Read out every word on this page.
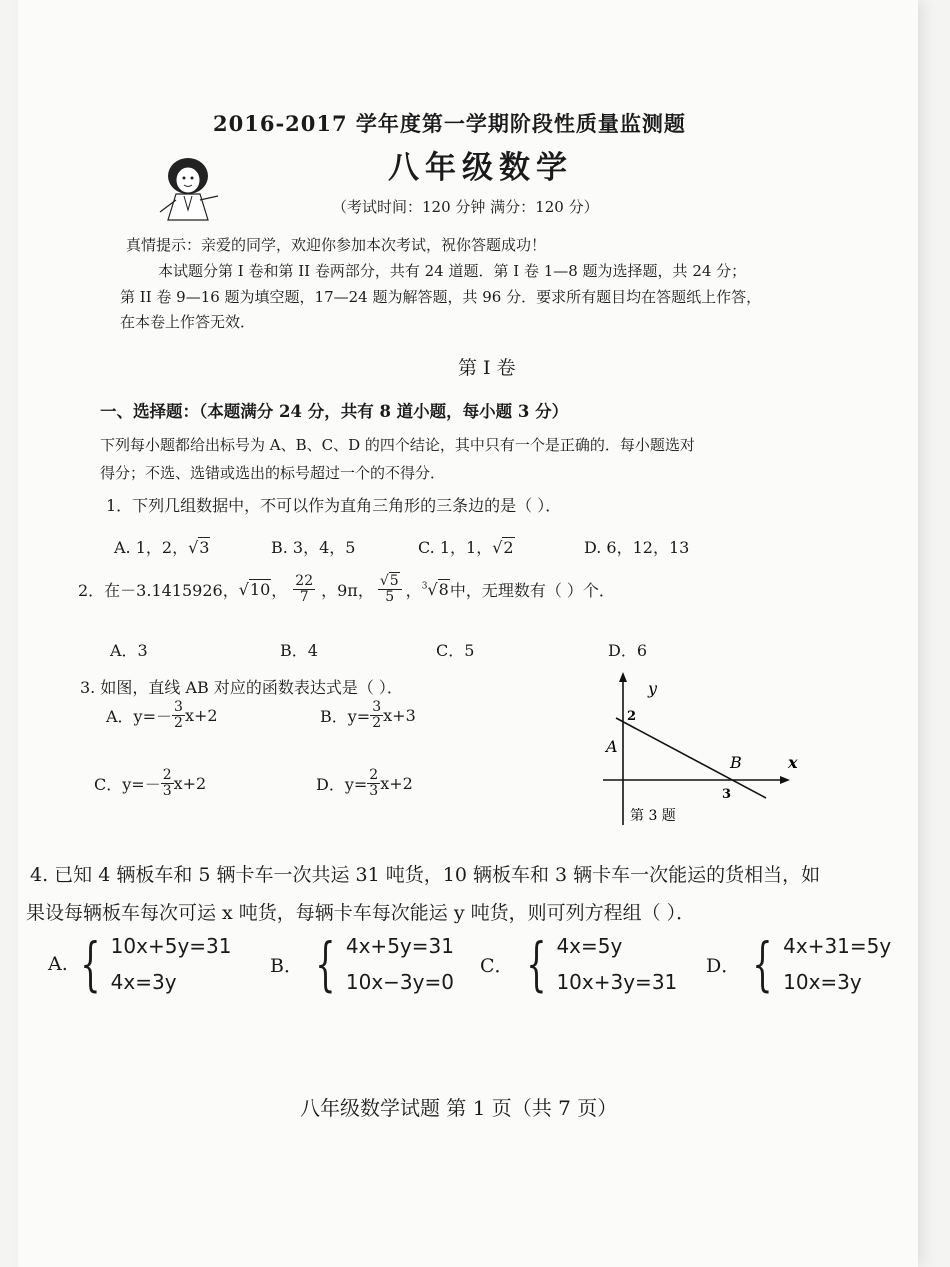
2016-2017 学年度第一学期阶段性质量监测题
八年级数学
（考试时间：120 分钟 满分：120 分）
真情提示：亲爱的同学，欢迎你参加本次考试，祝你答题成功！
本试题分第 I 卷和第 II 卷两部分，共有 24 道题．第 I 卷 1—8 题为选择题，共 24 分；
第 II 卷 9—16 题为填空题，17—24 题为解答题，共 96 分．要求所有题目均在答题纸上作答，
在本卷上作答无效．
第 I 卷
一、选择题：（本题满分 24 分，共有 8 道小题，每小题 3 分）
下列每小题都给出标号为 A、B、C、D 的四个结论，其中只有一个是正确的．每小题选对
得分；不选、选错或选出的标号超过一个的不得分．
1．下列几组数据中，不可以作为直角三角形的三条边的是（ ）．
A. 1，2，√3	B. 3，4，5	C. 1，1，√2	D. 6，12，13
2．在－3.1415926， √10 ， $\frac{22}{7}$ ，9π， $\frac{√5}{5}$ ， $^3$√8 中，无理数有（ ）个．
A．3	B．4	C．5	D．6
3. 如图，直线 AB 对应的函数表达式是（ ）．
A．$y=- \frac{3}{2} x+2$	B．$y= \frac{3}{2} x+3$
C．$y=- \frac{2}{3} x+2$	D．$y= \frac{2}{3} x+2$
y
x
2
3
A
B
第 3 题
4. 已知 4 辆板车和 5 辆卡车一次共运 31 吨货，10 辆板车和 3 辆卡车一次能运的货相当，如
果设每辆板车每次可运 x 吨货，每辆卡车每次能运 y 吨货，则可列方程组（ ）．
A. { 10x+5y=31
4x=3y
B． { 4x+5y=31
10x−3y=0
C． { 4x=5y
10x+3y=31
D． { 4x+31=5y
10x=3y
八年级数学试题 第 1 页（共 7 页）
